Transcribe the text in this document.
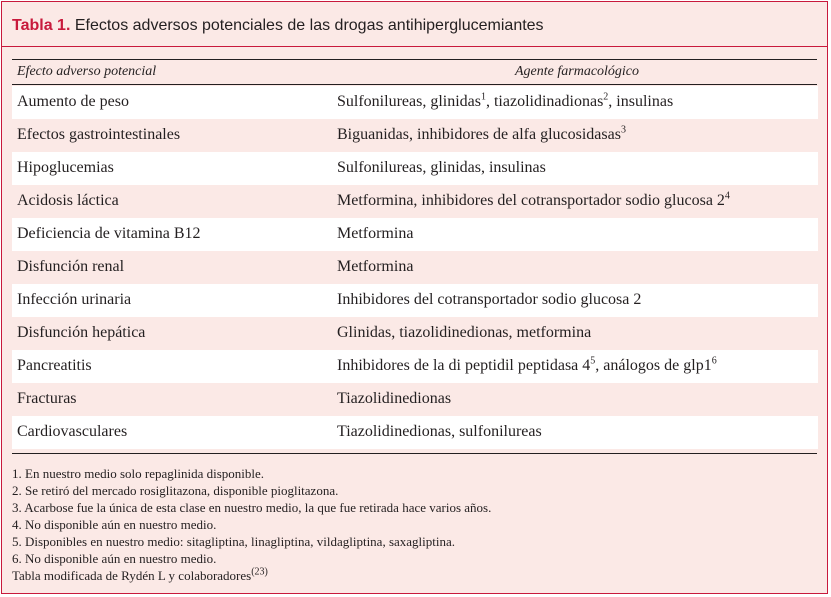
Tabla 1. Efectos adversos potenciales de las drogas antihiperglucemiantes
Efecto adverso potencial	Agente farmacológico
Aumento de peso	Sulfonilureas, glinidas$^1$, tiazolidinadionas$^2$, insulinas
Efectos gastrointestinales	Biguanidas, inhibidores de alfa glucosidasas$^3$
Hipoglucemias	Sulfonilureas, glinidas, insulinas
Acidosis láctica	Metformina, inhibidores del cotransportador sodio glucosa $2^4$
Deficiencia de vitamina B12	Metformina
Disfunción renal	Metformina
Infección urinaria	Inhibidores del cotransportador sodio glucosa 2
Disfunción hepática	Glinidas, tiazolidinedionas, metformina
Pancreatitis	Inhibidores de la di peptidil peptidasa $4^5$, análogos de $glp1^6$
Fracturas	Tiazolidinedionas
Cardiovasculares	Tiazolidinedionas, sulfonilureas
1. En nuestro medio solo repaglinida disponible.
2. Se retiró del mercado rosiglitazona, disponible pioglitazona.
3. Acarbose fue la única de esta clase en nuestro medio, la que fue retirada hace varios años.
4. No disponible aún en nuestro medio.
5. Disponibles en nuestro medio: sitagliptina, linagliptina, vildagliptina, saxagliptina.
6. No disponible aún en nuestro medio.
Tabla modificada de Rydén L y colaboradores$^{(23)}$
